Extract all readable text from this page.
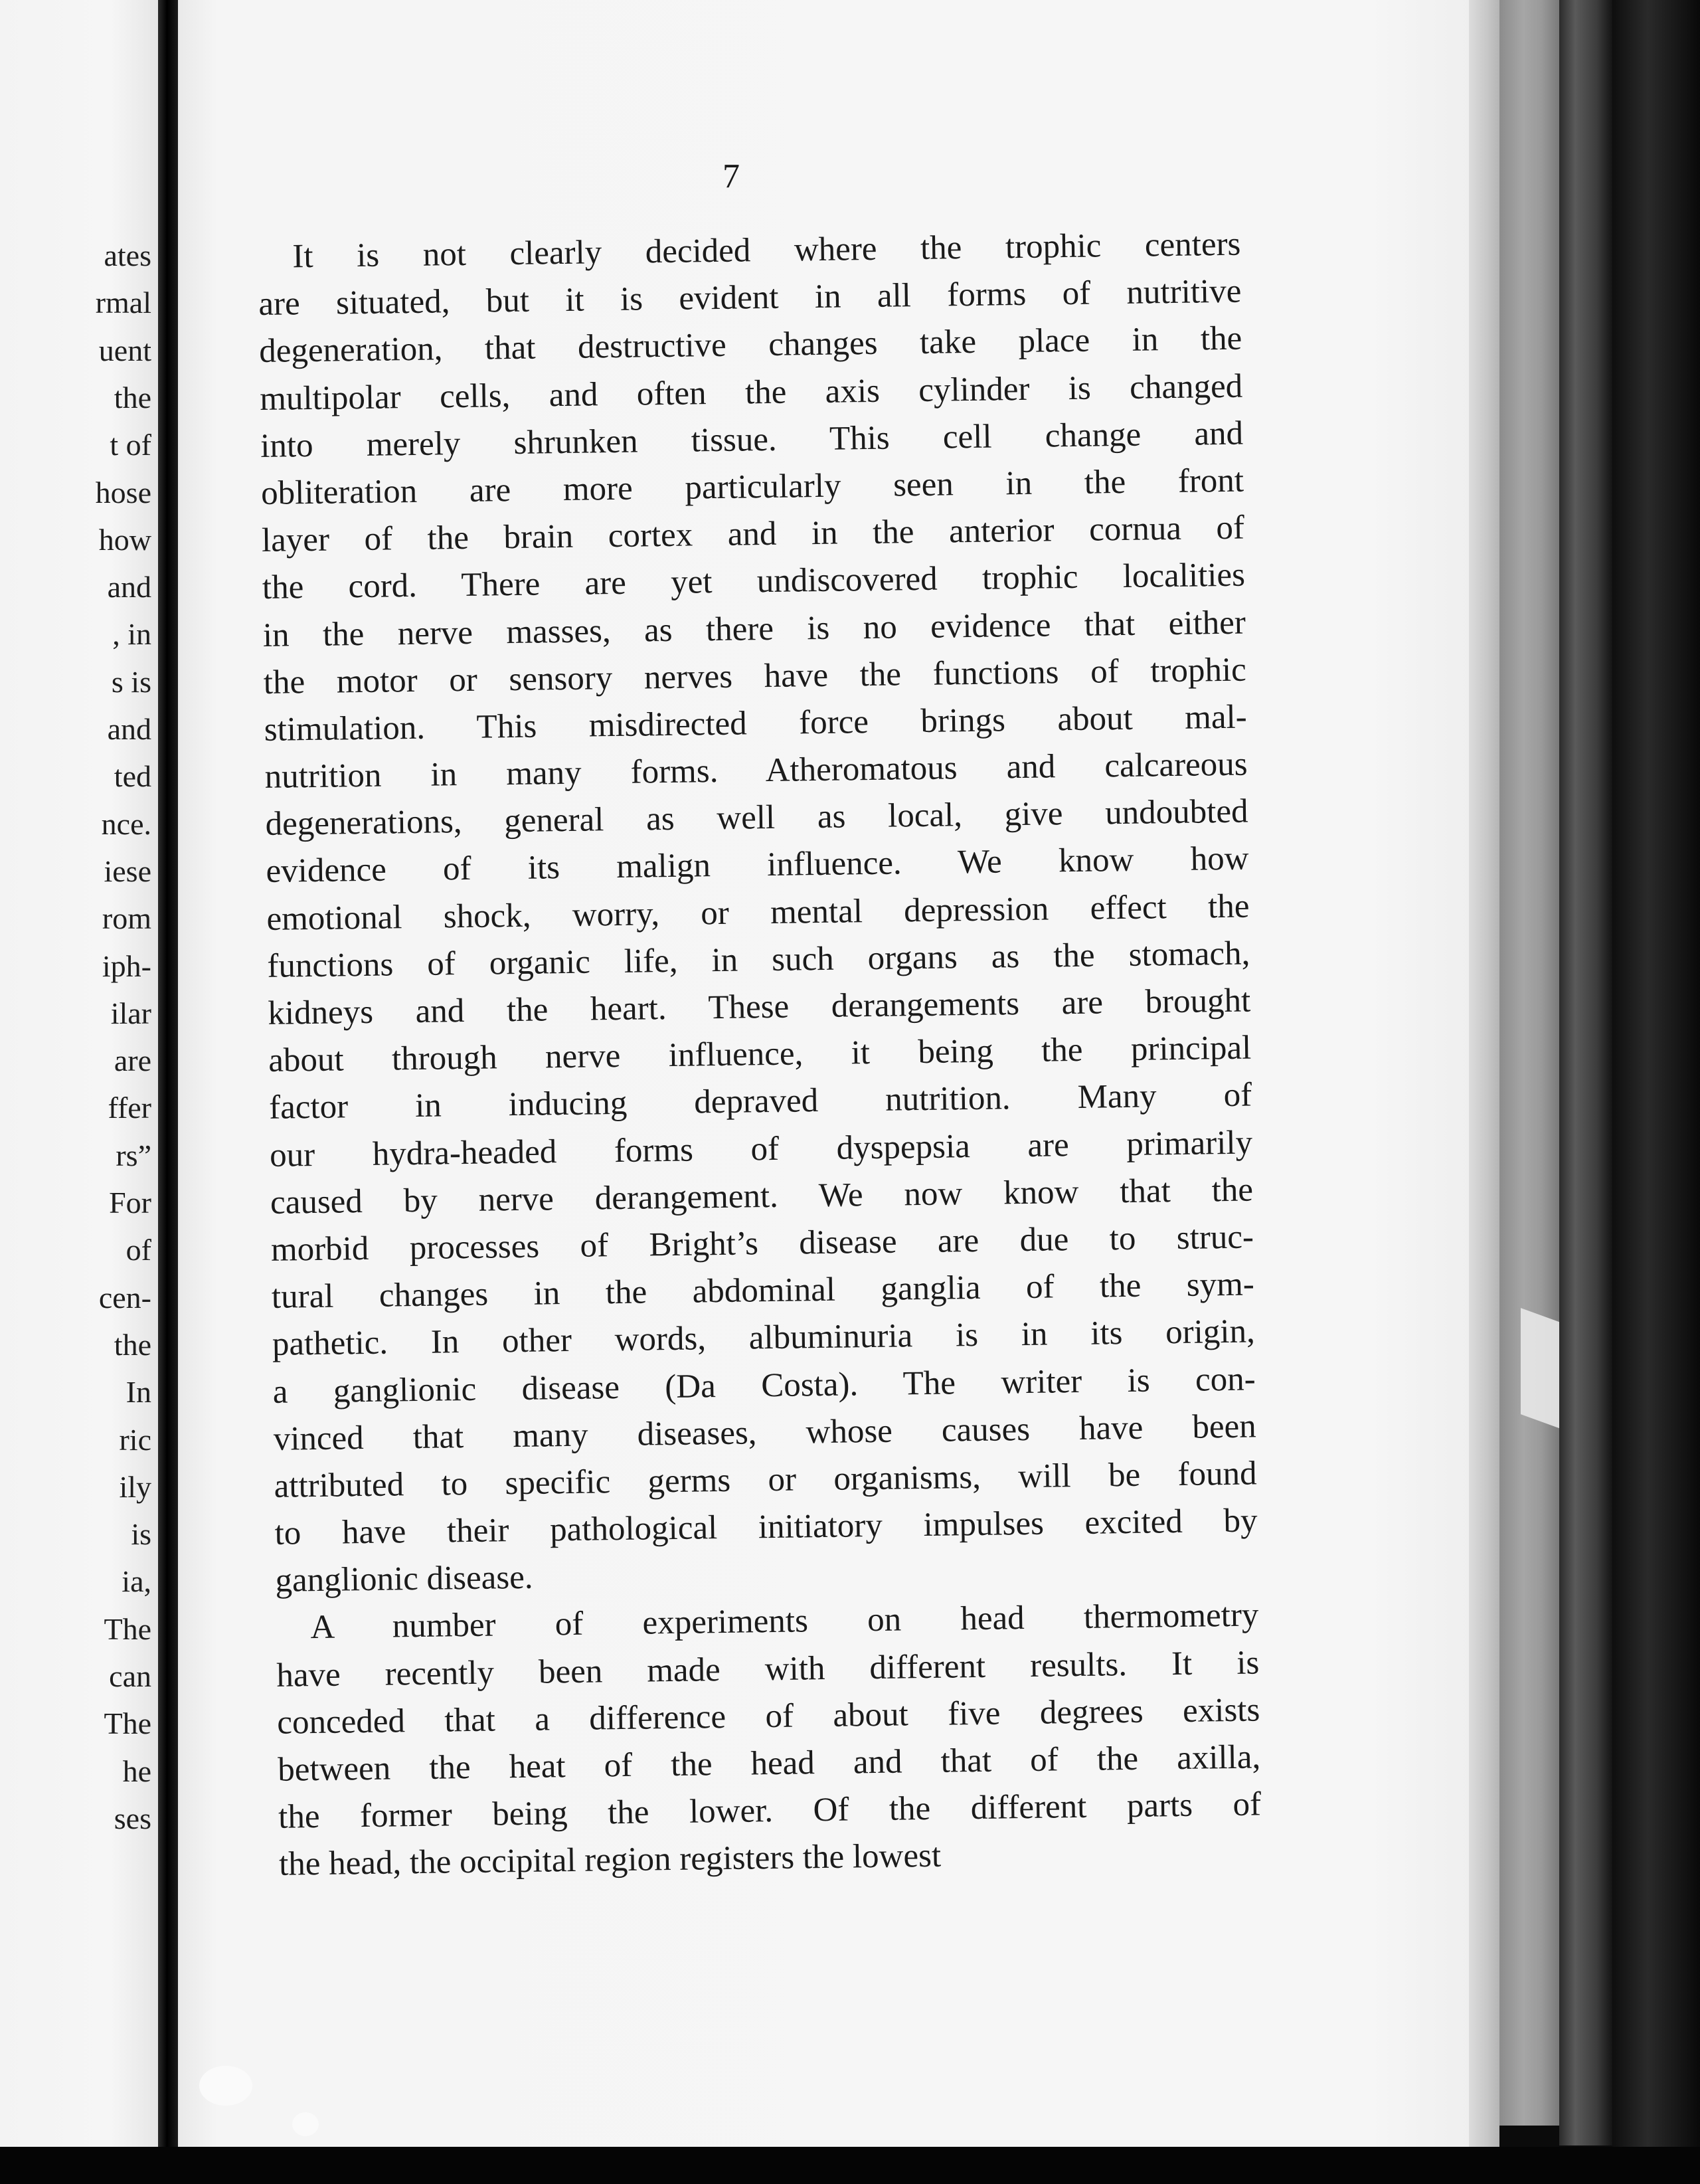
ates
rmal
uent
the
t of
hose
how
and
, in
s is
and
ted
nce.
iese
rom
iph-
ilar
are
ffer
rs”
For
of
cen-
the
In
ric
ily
is
ia,
The
can
The
he
ses
7
It is not clearly decided where the trophic centers
are situated, but it is evident in all forms of nutritive
degeneration, that destructive changes take place in the
multipolar cells, and often the axis cylinder is changed
into merely shrunken tissue. This cell change and
obliteration are more particularly seen in the front
layer of the brain cortex and in the anterior cornua of
the cord. There are yet undiscovered trophic localities
in the nerve masses, as there is no evidence that either
the motor or sensory nerves have the functions of trophic
stimulation. This misdirected force brings about mal-
nutrition in many forms. Atheromatous and calcareous
degenerations, general as well as local, give undoubted
evidence of its malign influence. We know how
emotional shock, worry, or mental depression effect the
functions of organic life, in such organs as the stomach,
kidneys and the heart. These derangements are brought
about through nerve influence, it being the principal
factor in inducing depraved nutrition. Many of
our hydra-headed forms of dyspepsia are primarily
caused by nerve derangement. We now know that the
morbid processes of Bright’s disease are due to struc-
tural changes in the abdominal ganglia of the sym-
pathetic. In other words, albuminuria is in its origin,
a ganglionic disease (Da Costa). The writer is con-
vinced that many diseases, whose causes have been
attributed to specific germs or organisms, will be found
to have their pathological initiatory impulses excited by
ganglionic disease.
A number of experiments on head thermometry
have recently been made with different results. It is
conceded that a difference of about five degrees exists
between the heat of the head and that of the axilla,
the former being the lower. Of the different parts of
the head, the occipital region registers the lowest
